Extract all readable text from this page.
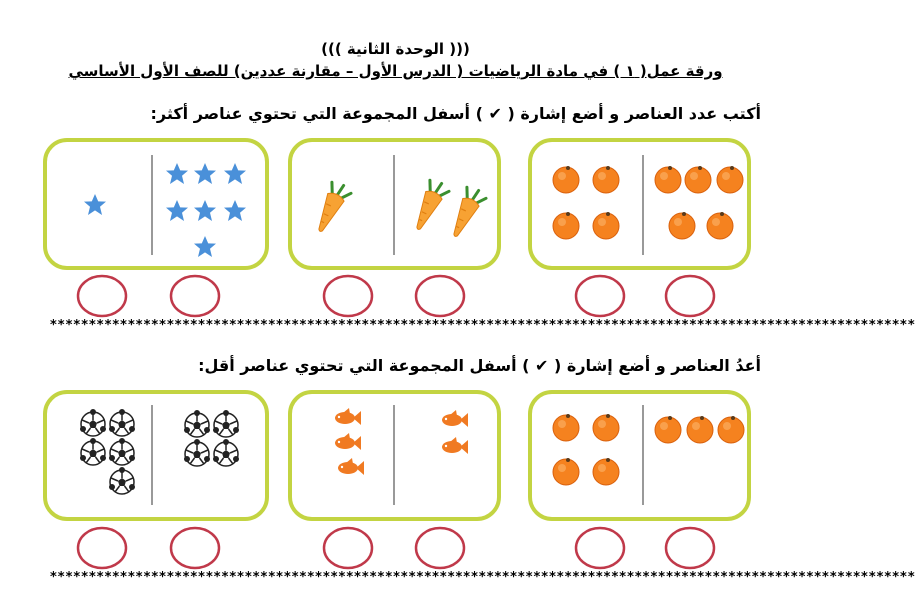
((( الوحدة الثانية )))
ورقة عمل( ١ ) في مادة الرياضيات ( الدرس الأول – مقارنة عددين) للصف الأول الأساسي
أكتب عدد العناصر و أضع إشارة ( ✔ ) أسفل المجموعة التي تحتوي عناصر أكثر:
أعدُ العناصر و أضع إشارة ( ✔ ) أسفل المجموعة التي تحتوي عناصر أقل:
***************************************************************************************************************
***************************************************************************************************************
